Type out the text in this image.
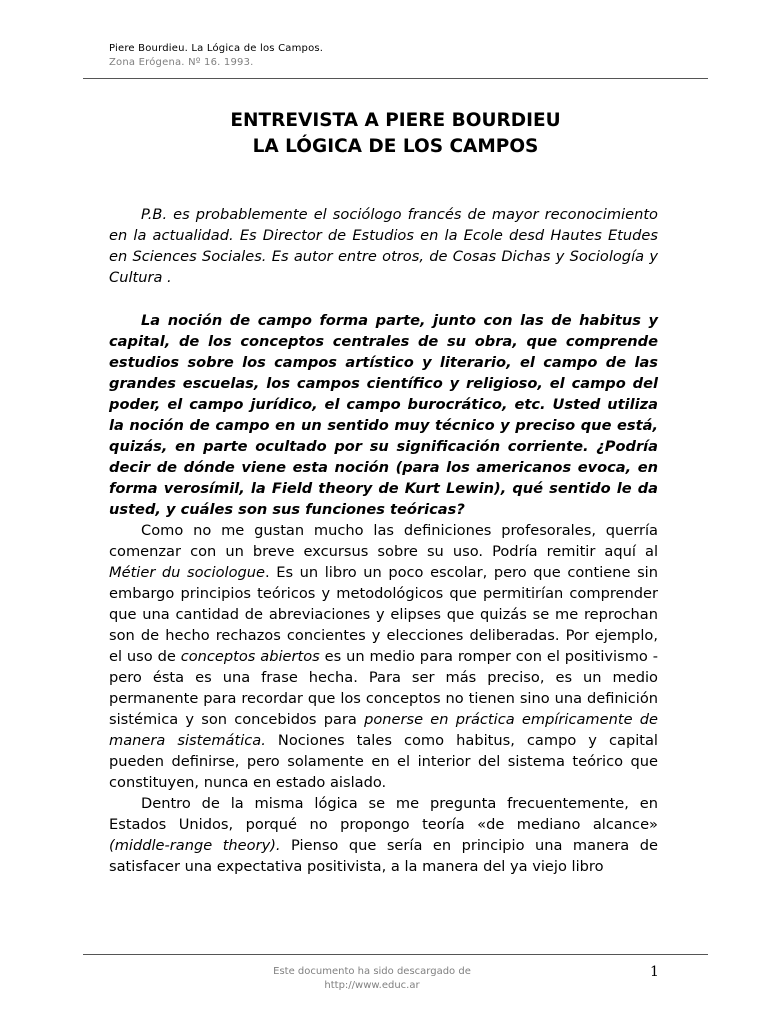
Piere Bourdieu. La Lógica de los Campos.
Zona Erógena. Nº 16. 1993.
ENTREVISTA A PIERE BOURDIEU
LA LÓGICA DE LOS CAMPOS

P.B. es probablemente el sociólogo francés de mayor reconocimiento en la actualidad. Es Director de Estudios en la Ecole desd Hautes Etudes en Sciences Sociales. Es autor entre otros, de Cosas Dichas y Sociología y Cultura .

La noción de campo forma parte, junto con las de habitus y capital, de los conceptos centrales de su obra, que comprende estudios sobre los campos artístico y literario, el campo de las grandes escuelas, los campos científico y religioso, el campo del poder, el campo jurídico, el campo burocrático, etc. Usted utiliza la noción de campo en un sentido muy técnico y preciso que está, quizás, en parte ocultado por su significación corriente. ¿Podría decir de dónde viene esta noción (para los americanos evoca, en forma verosímil, la Field theory de Kurt Lewin), qué sentido le da usted, y cuáles son sus funciones teóricas?

Como no me gustan mucho las definiciones profesorales, querría comenzar con un breve excursus sobre su uso. Podría remitir aquí al Métier du sociologue. Es un libro un poco escolar, pero que contiene sin embargo principios teóricos y metodológicos que permitirían comprender que una cantidad de abreviaciones y elipses que quizás se me reprochan son de hecho rechazos concientes y elecciones deliberadas. Por ejemplo, el uso de conceptos abiertos es un medio para romper con el positivismo -pero ésta es una frase hecha. Para ser más preciso, es un medio permanente para recordar que los conceptos no tienen sino una definición sistémica y son concebidos para ponerse en práctica empíricamente de manera sistemática. Nociones tales como habitus, campo y capital pueden definirse, pero solamente en el interior del sistema teórico que constituyen, nunca en estado aislado.

Dentro de la misma lógica se me pregunta frecuentemente, en Estados Unidos, porqué no propongo teoría «de mediano alcance» (middle-range theory). Pienso que sería en principio una manera de satisfacer una expectativa positivista, a la manera del ya viejo libro

Este documento ha sido descargado de
http://www.educ.ar
1
